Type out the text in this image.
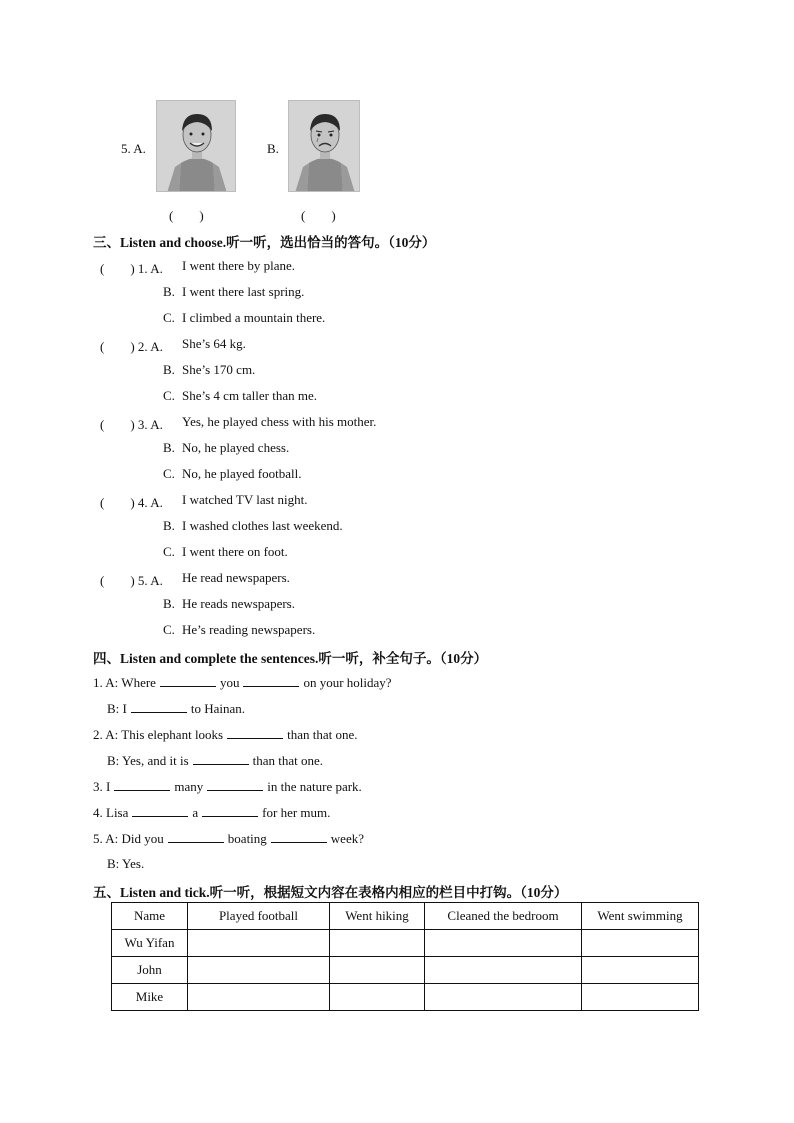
5. A.	B.
(　　)	(　　)
三、Listen and choose.听一听，选出恰当的答句。（10分）
(　　) 1. A. I went there by plane.
B. I went there last spring.
C. I climbed a mountain there.
(　　) 2. A. She’s 64 kg.
B. She’s 170 cm.
C. She’s 4 cm taller than me.
(　　) 3. A. Yes, he played chess with his mother.
B. No, he played chess.
C. No, he played football.
(　　) 4. A. I watched TV last night.
B. I washed clothes last weekend.
C. I went there on foot.
(　　) 5. A. He read newspapers.
B. He reads newspapers.
C. He’s reading newspapers.
四、Listen and complete the sentences.听一听，补全句子。（10分）
1. A: Where	you	on your holiday?
B: I	to Hainan.
2. A: This elephant looks	than that one.
B: Yes, and it is	than that one.
3. I	many	in the nature park.
4. Lisa	a	for her mum.
5. A: Did you	boating	week?
B: Yes.
五、Listen and tick.听一听，根据短文内容在表格内相应的栏目中打钩。（10分）
Name	Played football	Went hiking	Cleaned the bedroom	Went swimming
Wu Yifan				
John				
Mike				
